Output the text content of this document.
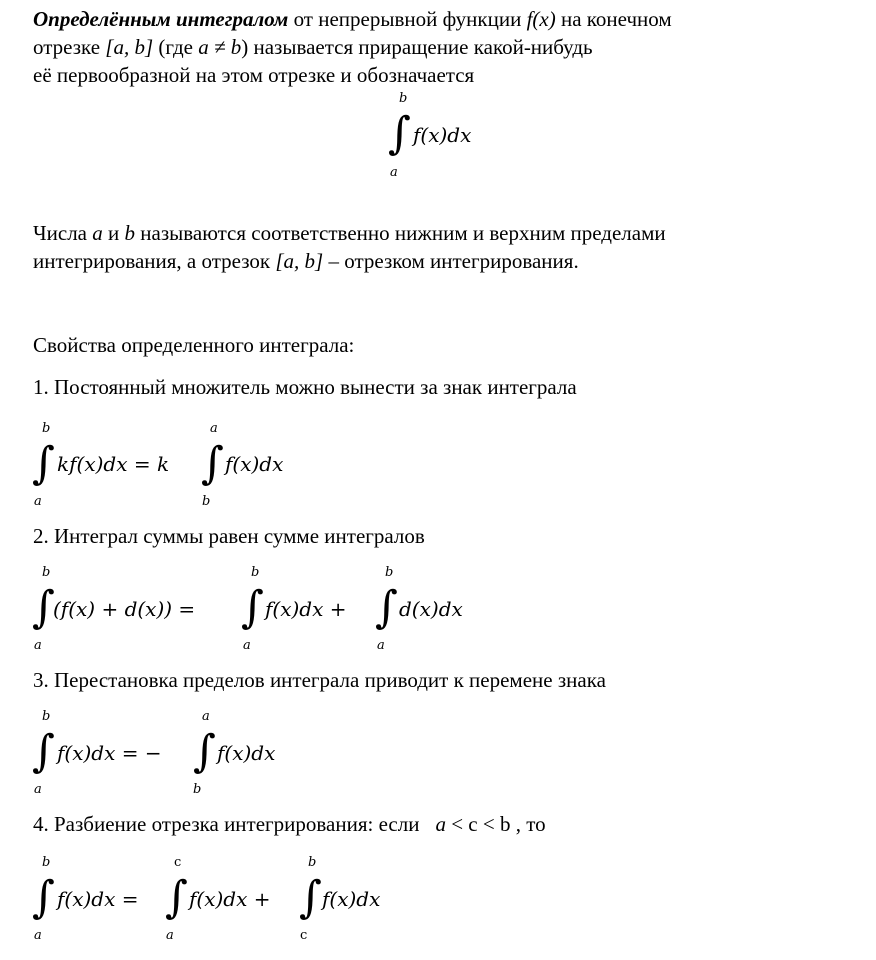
Определённым интегралом от непрерывной функции f(x) на конечном
отрезке [a, b] (где a ≠ b) называется приращение какой-нибудь
её первообразной на этом отрезке и обозначается
b
∫
a
f(x)dx
Числа a и b называются соответственно нижним и верхним пределами
интегрирования, а отрезок [a, b] – отрезком интегрирования.
Свойства определенного интеграла:
1. Постоянный множитель можно вынести за знак интеграла
b
∫
a
kf(x)dx = k
a
∫
b
f(x)dx
2. Интеграл суммы равен сумме интегралов
b
∫
a
(f(x) + d(x)) =
b
∫
a
f(x)dx +
b
∫
a
d(x)dx
3. Перестановка пределов интеграла приводит к перемене знака
b
∫
a
f(x)dx = −
a
∫
b
f(x)dx
4. Разбиение отрезка интегрирования: если a < c < b , то
b
∫
a
f(x)dx =
c
∫
a
f(x)dx +
b
∫
c
f(x)dx
